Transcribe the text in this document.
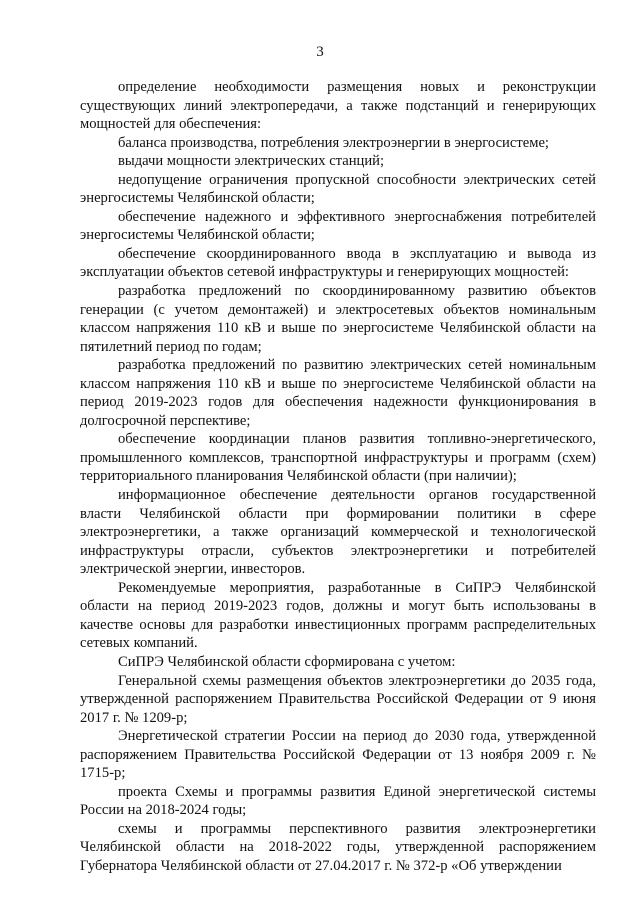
3

определение необходимости размещения новых и реконструкции существующих линий электропередачи, а также подстанций и генерирующих мощностей для обеспечения:

баланса производства, потребления электроэнергии в энергосистеме;

выдачи мощности электрических станций;

недопущение ограничения пропускной способности электрических сетей энергосистемы Челябинской области;

обеспечение надежного и эффективного энергоснабжения потребителей энергосистемы Челябинской области;

обеспечение скоординированного ввода в эксплуатацию и вывода из эксплуатации объектов сетевой инфраструктуры и генерирующих мощностей:

разработка предложений по скоординированному развитию объектов генерации (с учетом демонтажей) и электросетевых объектов номинальным классом напряжения 110 кВ и выше по энергосистеме Челябинской области на пятилетний период по годам;

разработка предложений по развитию электрических сетей номинальным классом напряжения 110 кВ и выше по энергосистеме Челябинской области на период 2019-2023 годов для обеспечения надежности функционирования в долгосрочной перспективе;

обеспечение координации планов развития топливно-энергетического, промышленного комплексов, транспортной инфраструктуры и программ (схем) территориального планирования Челябинской области (при наличии);

информационное обеспечение деятельности органов государственной власти Челябинской области при формировании политики в сфере электроэнергетики, а также организаций коммерческой и технологической инфраструктуры отрасли, субъектов электроэнергетики и потребителей электрической энергии, инвесторов.

Рекомендуемые мероприятия, разработанные в СиПРЭ Челябинской области на период 2019-2023 годов, должны и могут быть использованы в качестве основы для разработки инвестиционных программ распределительных сетевых компаний.

СиПРЭ Челябинской области сформирована с учетом:

Генеральной схемы размещения объектов электроэнергетики до 2035 года, утвержденной распоряжением Правительства Российской Федерации от 9 июня 2017 г. № 1209-р;

Энергетической стратегии России на период до 2030 года, утвержденной распоряжением Правительства Российской Федерации от 13 ноября 2009 г. № 1715-р;

проекта Схемы и программы развития Единой энергетической системы России на 2018-2024 годы;

схемы и программы перспективного развития электроэнергетики Челябинской области на 2018-2022 годы, утвержденной распоряжением Губернатора Челябинской области от 27.04.2017 г. № 372-р «Об утверждении
